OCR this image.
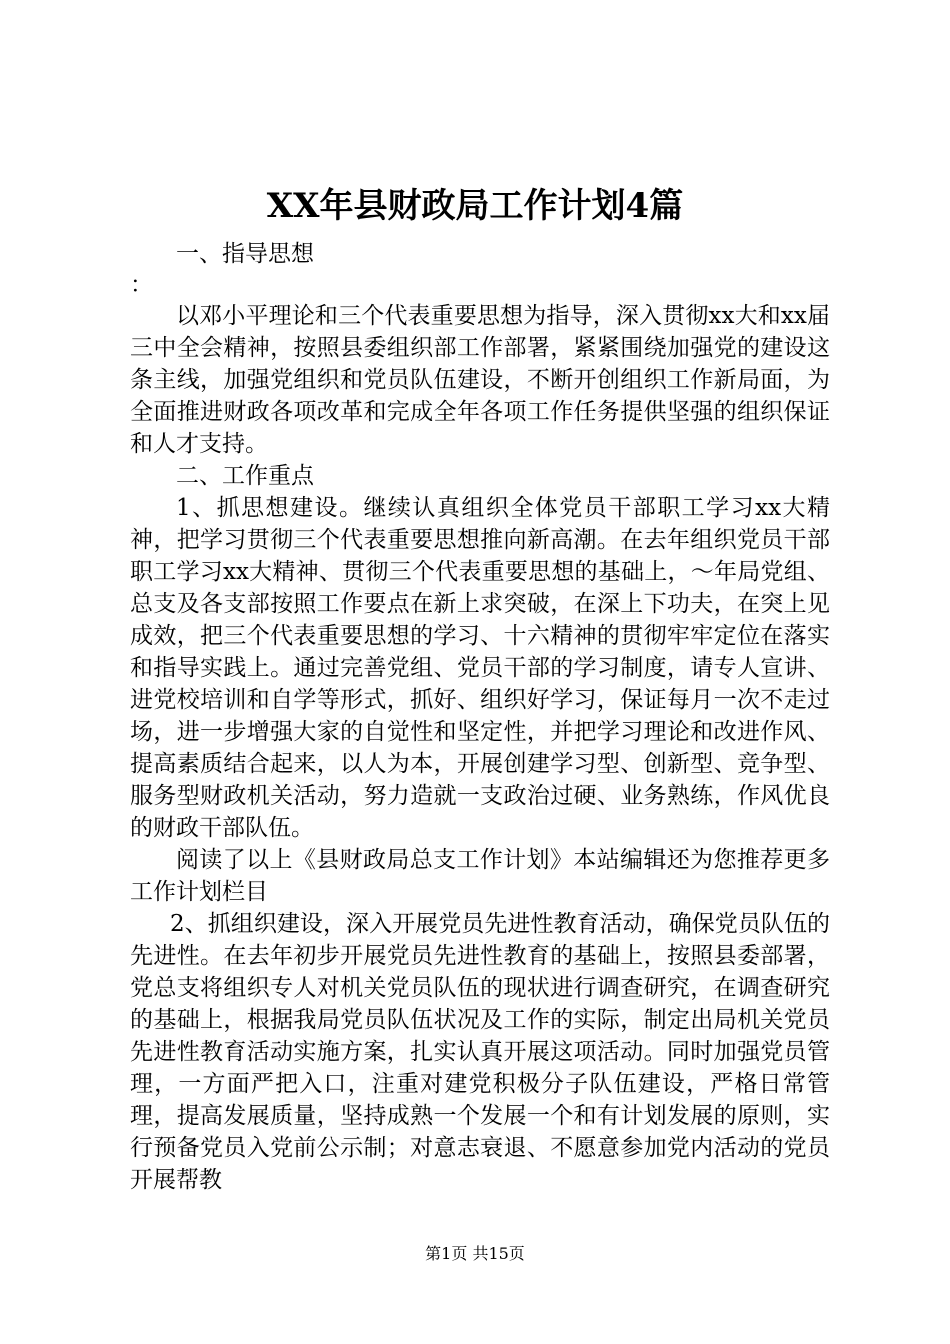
XX年县财政局工作计划4篇

一、指导思想

：

以邓小平理论和三个代表重要思想为指导，深入贯彻xx大和xx届三中全会精神，按照县委组织部工作部署，紧紧围绕加强党的建设这条主线，加强党组织和党员队伍建设，不断开创组织工作新局面，为全面推进财政各项改革和完成全年各项工作任务提供坚强的组织保证和人才支持。

二、工作重点

1、抓思想建设。继续认真组织全体党员干部职工学习xx大精神，把学习贯彻三个代表重要思想推向新高潮。在去年组织党员干部职工学习xx大精神、贯彻三个代表重要思想的基础上，～年局党组、总支及各支部按照工作要点在新上求突破，在深上下功夫，在突上见成效，把三个代表重要思想的学习、十六精神的贯彻牢牢定位在落实和指导实践上。通过完善党组、党员干部的学习制度，请专人宣讲、进党校培训和自学等形式，抓好、组织好学习，保证每月一次不走过场，进一步增强大家的自觉性和坚定性，并把学习理论和改进作风、提高素质结合起来，以人为本，开展创建学习型、创新型、竞争型、服务型财政机关活动，努力造就一支政治过硬、业务熟练，作风优良的财政干部队伍。

阅读了以上《县财政局总支工作计划》本站编辑还为您推荐更多工作计划栏目

2、抓组织建设，深入开展党员先进性教育活动，确保党员队伍的先进性。在去年初步开展党员先进性教育的基础上，按照县委部署，党总支将组织专人对机关党员队伍的现状进行调查研究，在调查研究的基础上，根据我局党员队伍状况及工作的实际，制定出局机关党员先进性教育活动实施方案，扎实认真开展这项活动。同时加强党员管理，一方面严把入口，注重对建党积极分子队伍建设，严格日常管理，提高发展质量，坚持成熟一个发展一个和有计划发展的原则，实行预备党员入党前公示制；对意志衰退、不愿意参加党内活动的党员开展帮教

第1页 共15页
